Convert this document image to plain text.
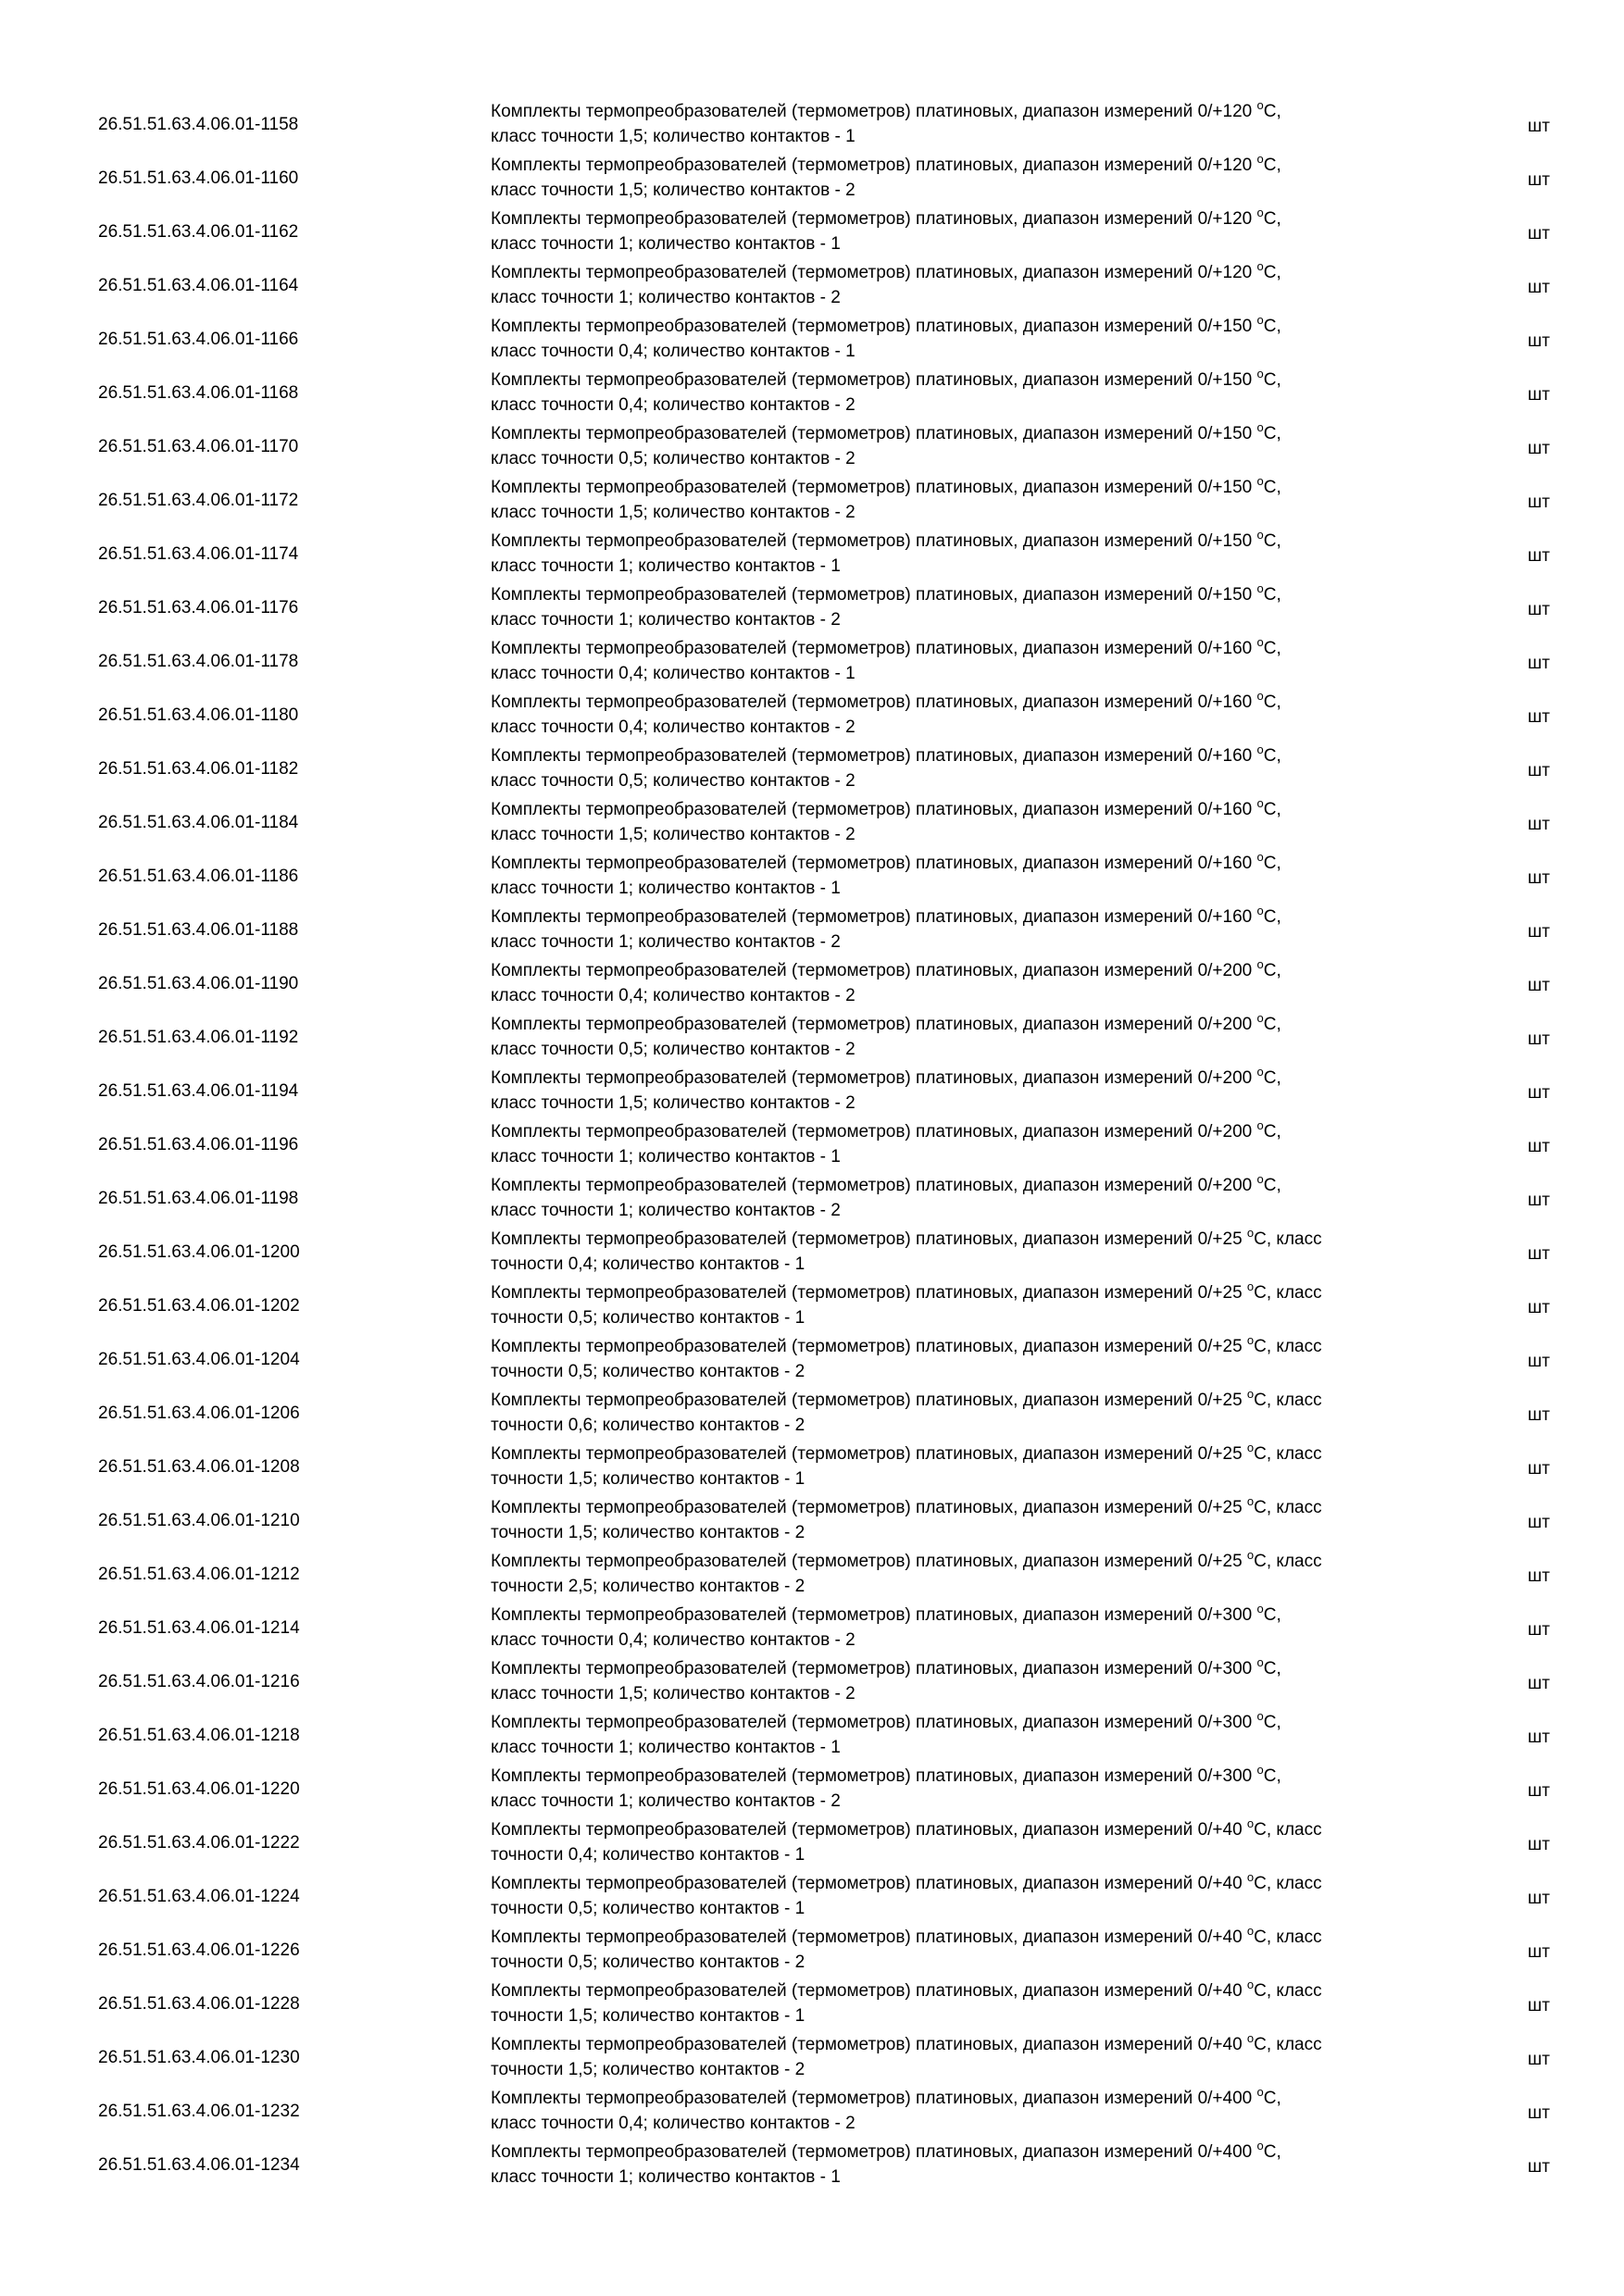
26.51.51.63.4.06.01-1158
Комплекты термопреобразователей (термометров) платиновых, диапазон измерений 0/+120 $^о$С,
класс точности 1,5; количество контактов - 1
шт
26.51.51.63.4.06.01-1160
Комплекты термопреобразователей (термометров) платиновых, диапазон измерений 0/+120 $^о$С,
класс точности 1,5; количество контактов - 2
шт
26.51.51.63.4.06.01-1162
Комплекты термопреобразователей (термометров) платиновых, диапазон измерений 0/+120 $^о$С,
класс точности 1; количество контактов - 1
шт
26.51.51.63.4.06.01-1164
Комплекты термопреобразователей (термометров) платиновых, диапазон измерений 0/+120 $^о$С,
класс точности 1; количество контактов - 2
шт
26.51.51.63.4.06.01-1166
Комплекты термопреобразователей (термометров) платиновых, диапазон измерений 0/+150 $^о$С,
класс точности 0,4; количество контактов - 1
шт
26.51.51.63.4.06.01-1168
Комплекты термопреобразователей (термометров) платиновых, диапазон измерений 0/+150 $^о$С,
класс точности 0,4; количество контактов - 2
шт
26.51.51.63.4.06.01-1170
Комплекты термопреобразователей (термометров) платиновых, диапазон измерений 0/+150 $^о$С,
класс точности 0,5; количество контактов - 2
шт
26.51.51.63.4.06.01-1172
Комплекты термопреобразователей (термометров) платиновых, диапазон измерений 0/+150 $^о$С,
класс точности 1,5; количество контактов - 2
шт
26.51.51.63.4.06.01-1174
Комплекты термопреобразователей (термометров) платиновых, диапазон измерений 0/+150 $^о$С,
класс точности 1; количество контактов - 1
шт
26.51.51.63.4.06.01-1176
Комплекты термопреобразователей (термометров) платиновых, диапазон измерений 0/+150 $^о$С,
класс точности 1; количество контактов - 2
шт
26.51.51.63.4.06.01-1178
Комплекты термопреобразователей (термометров) платиновых, диапазон измерений 0/+160 $^о$С,
класс точности 0,4; количество контактов - 1
шт
26.51.51.63.4.06.01-1180
Комплекты термопреобразователей (термометров) платиновых, диапазон измерений 0/+160 $^о$С,
класс точности 0,4; количество контактов - 2
шт
26.51.51.63.4.06.01-1182
Комплекты термопреобразователей (термометров) платиновых, диапазон измерений 0/+160 $^о$С,
класс точности 0,5; количество контактов - 2
шт
26.51.51.63.4.06.01-1184
Комплекты термопреобразователей (термометров) платиновых, диапазон измерений 0/+160 $^о$С,
класс точности 1,5; количество контактов - 2
шт
26.51.51.63.4.06.01-1186
Комплекты термопреобразователей (термометров) платиновых, диапазон измерений 0/+160 $^о$С,
класс точности 1; количество контактов - 1
шт
26.51.51.63.4.06.01-1188
Комплекты термопреобразователей (термометров) платиновых, диапазон измерений 0/+160 $^о$С,
класс точности 1; количество контактов - 2
шт
26.51.51.63.4.06.01-1190
Комплекты термопреобразователей (термометров) платиновых, диапазон измерений 0/+200 $^о$С,
класс точности 0,4; количество контактов - 2
шт
26.51.51.63.4.06.01-1192
Комплекты термопреобразователей (термометров) платиновых, диапазон измерений 0/+200 $^о$С,
класс точности 0,5; количество контактов - 2
шт
26.51.51.63.4.06.01-1194
Комплекты термопреобразователей (термометров) платиновых, диапазон измерений 0/+200 $^о$С,
класс точности 1,5; количество контактов - 2
шт
26.51.51.63.4.06.01-1196
Комплекты термопреобразователей (термометров) платиновых, диапазон измерений 0/+200 $^о$С,
класс точности 1; количество контактов - 1
шт
26.51.51.63.4.06.01-1198
Комплекты термопреобразователей (термометров) платиновых, диапазон измерений 0/+200 $^о$С,
класс точности 1; количество контактов - 2
шт
26.51.51.63.4.06.01-1200
Комплекты термопреобразователей (термометров) платиновых, диапазон измерений 0/+25 $^о$С, класс
точности 0,4; количество контактов - 1
шт
26.51.51.63.4.06.01-1202
Комплекты термопреобразователей (термометров) платиновых, диапазон измерений 0/+25 $^о$С, класс
точности 0,5; количество контактов - 1
шт
26.51.51.63.4.06.01-1204
Комплекты термопреобразователей (термометров) платиновых, диапазон измерений 0/+25 $^о$С, класс
точности 0,5; количество контактов - 2
шт
26.51.51.63.4.06.01-1206
Комплекты термопреобразователей (термометров) платиновых, диапазон измерений 0/+25 $^о$С, класс
точности 0,6; количество контактов - 2
шт
26.51.51.63.4.06.01-1208
Комплекты термопреобразователей (термометров) платиновых, диапазон измерений 0/+25 $^о$С, класс
точности 1,5; количество контактов - 1
шт
26.51.51.63.4.06.01-1210
Комплекты термопреобразователей (термометров) платиновых, диапазон измерений 0/+25 $^о$С, класс
точности 1,5; количество контактов - 2
шт
26.51.51.63.4.06.01-1212
Комплекты термопреобразователей (термометров) платиновых, диапазон измерений 0/+25 $^о$С, класс
точности 2,5; количество контактов - 2
шт
26.51.51.63.4.06.01-1214
Комплекты термопреобразователей (термометров) платиновых, диапазон измерений 0/+300 $^о$С,
класс точности 0,4; количество контактов - 2
шт
26.51.51.63.4.06.01-1216
Комплекты термопреобразователей (термометров) платиновых, диапазон измерений 0/+300 $^о$С,
класс точности 1,5; количество контактов - 2
шт
26.51.51.63.4.06.01-1218
Комплекты термопреобразователей (термометров) платиновых, диапазон измерений 0/+300 $^о$С,
класс точности 1; количество контактов - 1
шт
26.51.51.63.4.06.01-1220
Комплекты термопреобразователей (термометров) платиновых, диапазон измерений 0/+300 $^о$С,
класс точности 1; количество контактов - 2
шт
26.51.51.63.4.06.01-1222
Комплекты термопреобразователей (термометров) платиновых, диапазон измерений 0/+40 $^о$С, класс
точности 0,4; количество контактов - 1
шт
26.51.51.63.4.06.01-1224
Комплекты термопреобразователей (термометров) платиновых, диапазон измерений 0/+40 $^о$С, класс
точности 0,5; количество контактов - 1
шт
26.51.51.63.4.06.01-1226
Комплекты термопреобразователей (термометров) платиновых, диапазон измерений 0/+40 $^о$С, класс
точности 0,5; количество контактов - 2
шт
26.51.51.63.4.06.01-1228
Комплекты термопреобразователей (термометров) платиновых, диапазон измерений 0/+40 $^о$С, класс
точности 1,5; количество контактов - 1
шт
26.51.51.63.4.06.01-1230
Комплекты термопреобразователей (термометров) платиновых, диапазон измерений 0/+40 $^о$С, класс
точности 1,5; количество контактов - 2
шт
26.51.51.63.4.06.01-1232
Комплекты термопреобразователей (термометров) платиновых, диапазон измерений 0/+400 $^о$С,
класс точности 0,4; количество контактов - 2
шт
26.51.51.63.4.06.01-1234
Комплекты термопреобразователей (термометров) платиновых, диапазон измерений 0/+400 $^о$С,
класс точности 1; количество контактов - 1
шт
